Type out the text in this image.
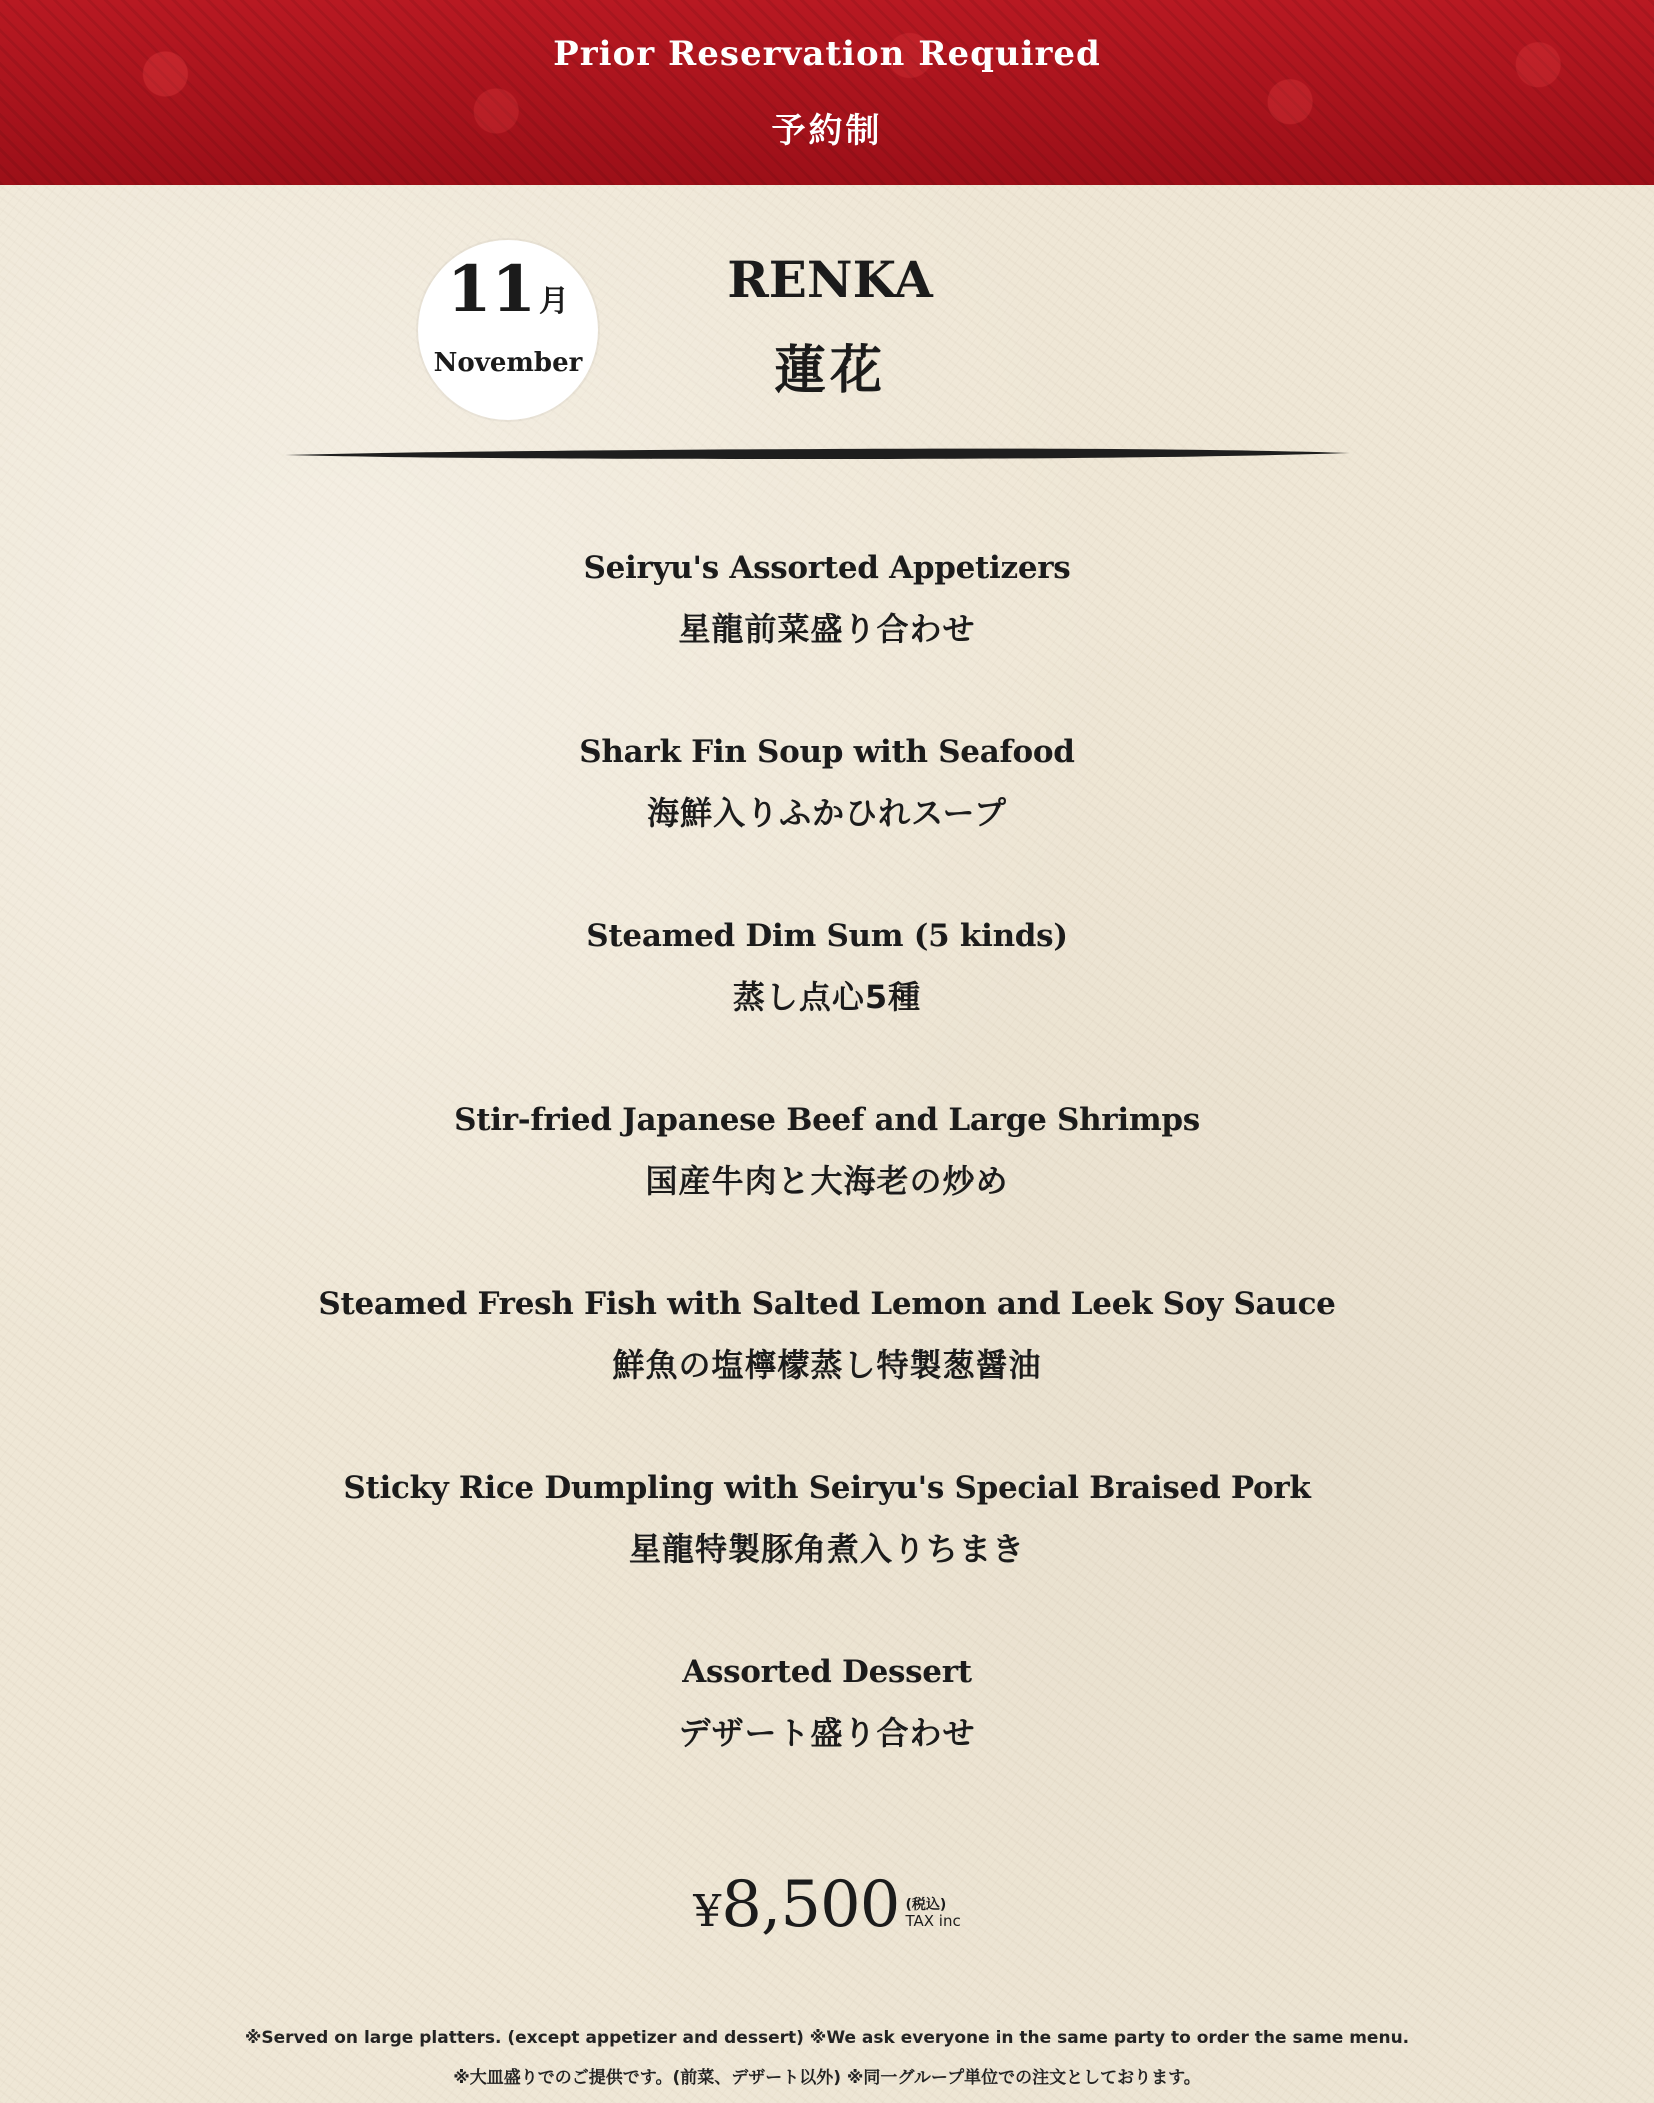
Prior Reservation Required
予約制
11 月
November
RENKA
蓮花
Seiryu's Assorted Appetizers
星龍前菜盛り合わせ
Shark Fin Soup with Seafood
海鮮入りふかひれスープ
Steamed Dim Sum (5 kinds)
蒸し点心5種
Stir-fried Japanese Beef and Large Shrimps
国産牛肉と大海老の炒め
Steamed Fresh Fish with Salted Lemon and Leek Soy Sauce
鮮魚の塩檸檬蒸し特製葱醤油
Sticky Rice Dumpling with Seiryu's Special Braised Pork
星龍特製豚角煮入りちまき
Assorted Dessert
デザート盛り合わせ
¥8,500 (税込)
TAX inc
※Served on large platters. (except appetizer and dessert) ※We ask everyone in the same party to order the same menu.
※大皿盛りでのご提供です。(前菜、デザート以外) ※同一グループ単位での注文としております。
